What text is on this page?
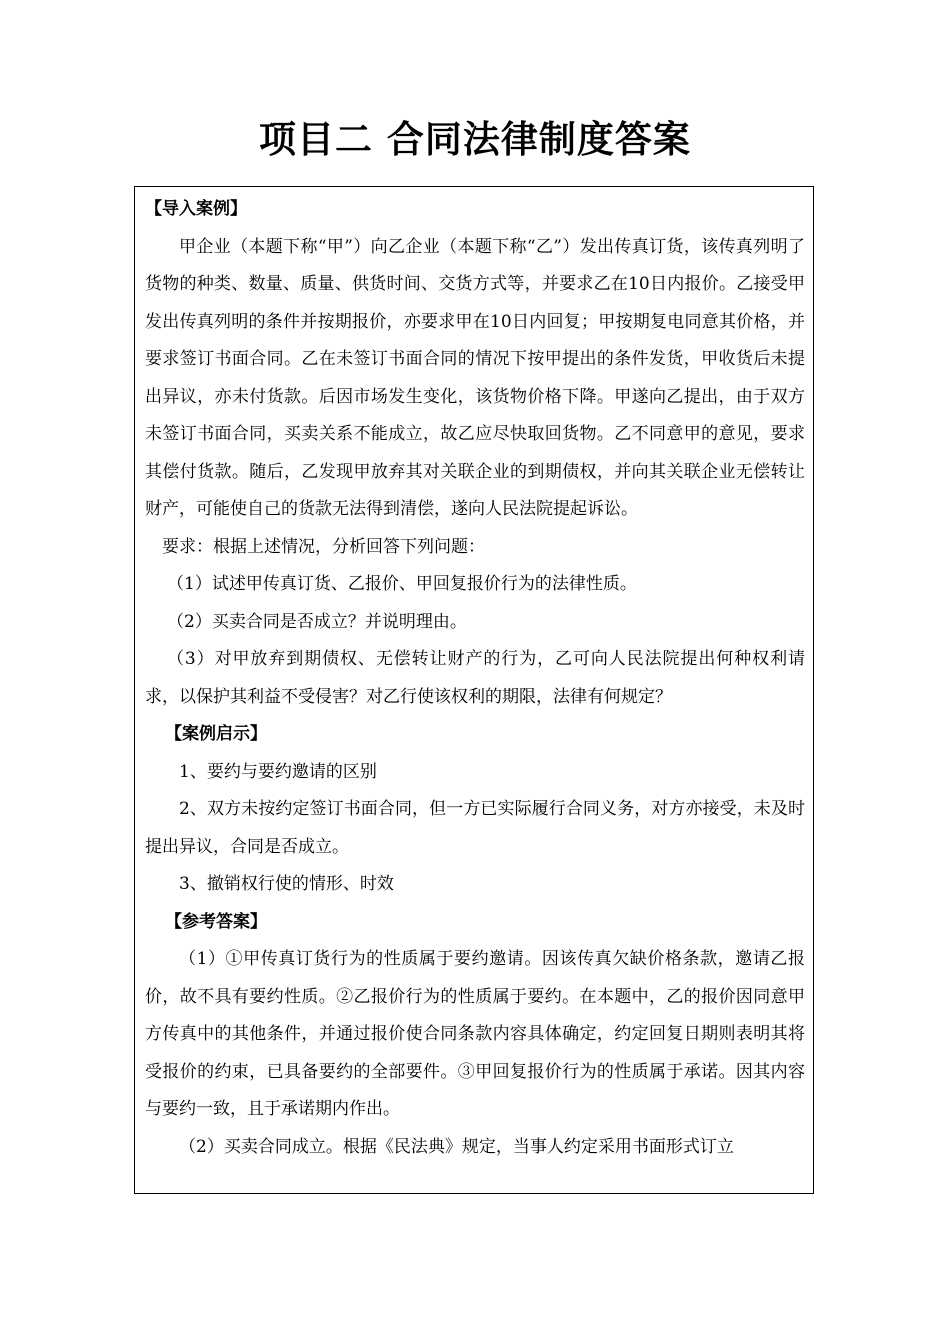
项目二 合同法律制度答案

【导入案例】

甲企业（本题下称“甲”）向乙企业（本题下称“乙”）发出传真订货，该传真列明了货物的种类、数量、质量、供货时间、交货方式等，并要求乙在10日内报价。乙接受甲发出传真列明的条件并按期报价，亦要求甲在10日内回复；甲按期复电同意其价格，并要求签订书面合同。乙在未签订书面合同的情况下按甲提出的条件发货，甲收货后未提出异议，亦未付货款。后因市场发生变化，该货物价格下降。甲遂向乙提出，由于双方未签订书面合同，买卖关系不能成立，故乙应尽快取回货物。乙不同意甲的意见，要求其偿付货款。随后，乙发现甲放弃其对关联企业的到期债权，并向其关联企业无偿转让财产，可能使自己的货款无法得到清偿，遂向人民法院提起诉讼。

要求：根据上述情况，分析回答下列问题：

（1）试述甲传真订货、乙报价、甲回复报价行为的法律性质。

（2）买卖合同是否成立？并说明理由。

（3）对甲放弃到期债权、无偿转让财产的行为，乙可向人民法院提出何种权利请求，以保护其利益不受侵害？对乙行使该权利的期限，法律有何规定？

【案例启示】

1、要约与要约邀请的区别

2、双方未按约定签订书面合同，但一方已实际履行合同义务，对方亦接受，未及时提出异议，合同是否成立。

3、撤销权行使的情形、时效

【参考答案】

（1）①甲传真订货行为的性质属于要约邀请。因该传真欠缺价格条款，邀请乙报价，故不具有要约性质。②乙报价行为的性质属于要约。在本题中，乙的报价因同意甲方传真中的其他条件，并通过报价使合同条款内容具体确定，约定回复日期则表明其将受报价的约束，已具备要约的全部要件。③甲回复报价行为的性质属于承诺。因其内容与要约一致，且于承诺期内作出。

（2）买卖合同成立。根据《民法典》规定，当事人约定采用书面形式订立
